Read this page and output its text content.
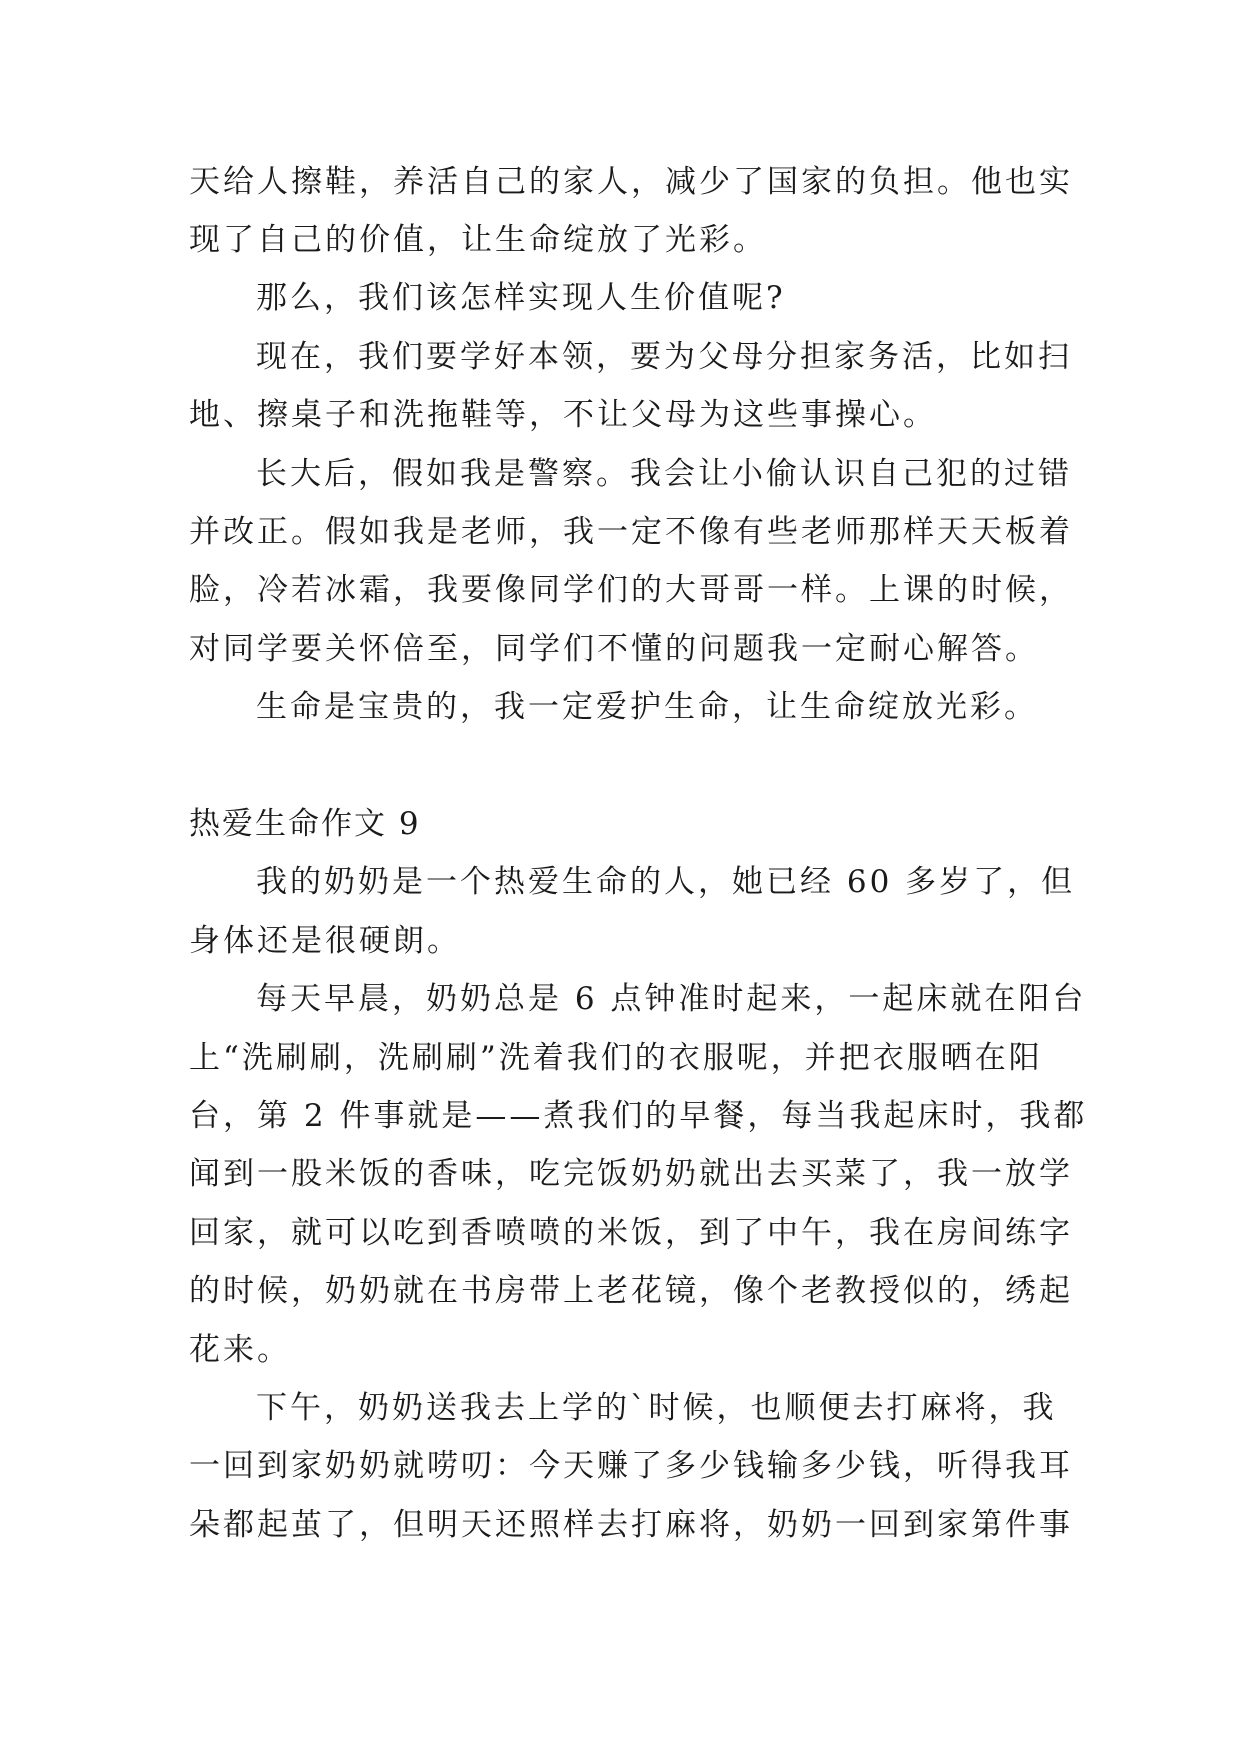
天给人擦鞋，养活自己的家人，减少了国家的负担。他也实
现了自己的价值，让生命绽放了光彩。
那么，我们该怎样实现人生价值呢?
现在，我们要学好本领，要为父母分担家务活，比如扫
地、擦桌子和洗拖鞋等，不让父母为这些事操心。
长大后，假如我是警察。我会让小偷认识自己犯的过错
并改正。假如我是老师，我一定不像有些老师那样天天板着
脸，冷若冰霜，我要像同学们的大哥哥一样。上课的时候，
对同学要关怀倍至，同学们不懂的问题我一定耐心解答。
生命是宝贵的，我一定爱护生命，让生命绽放光彩。
热爱生命作文 9
我的奶奶是一个热爱生命的人，她已经 60 多岁了，但
身体还是很硬朗。
每天早晨，奶奶总是 6 点钟准时起来，一起床就在阳台
上“洗刷刷，洗刷刷”洗着我们的衣服呢，并把衣服晒在阳
台，第 2 件事就是——煮我们的早餐，每当我起床时，我都
闻到一股米饭的香味，吃完饭奶奶就出去买菜了，我一放学
回家，就可以吃到香喷喷的米饭，到了中午，我在房间练字
的时候，奶奶就在书房带上老花镜，像个老教授似的，绣起
花来。
下午，奶奶送我去上学的`时候，也顺便去打麻将，我
一回到家奶奶就唠叨：今天赚了多少钱输多少钱，听得我耳
朵都起茧了，但明天还照样去打麻将，奶奶一回到家第件事
